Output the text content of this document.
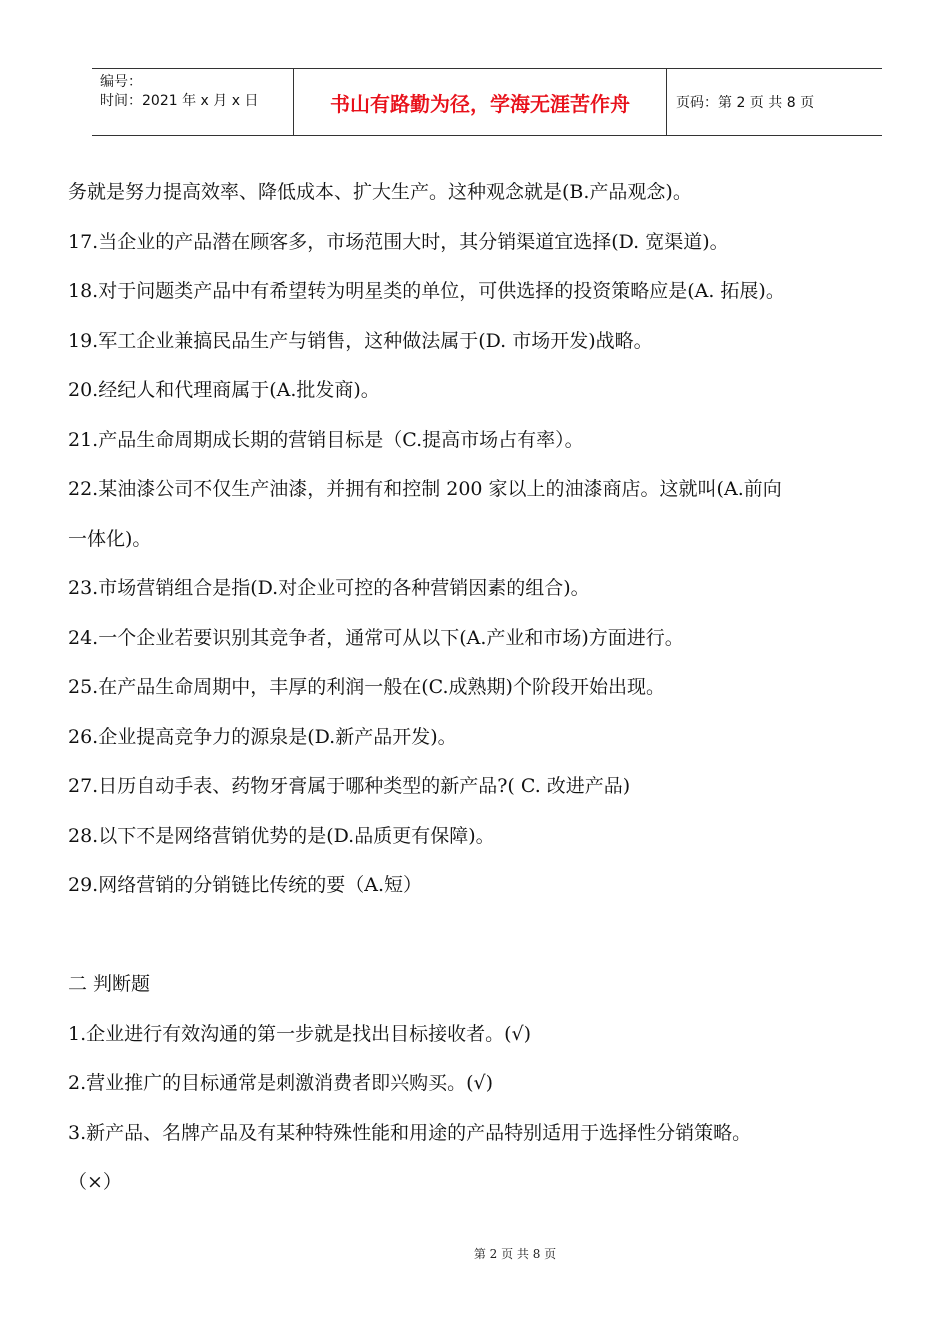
编号：
时间：2021 年 x 月 x 日	书山有路勤为径，学海无涯苦作舟	页码：第 2 页 共 8 页
务就是努力提高效率、降低成本、扩大生产。这种观念就是(B.产品观念)。
17.当企业的产品潜在顾客多，市场范围大时，其分销渠道宜选择(D. 宽渠道)。
18.对于问题类产品中有希望转为明星类的单位，可供选择的投资策略应是(A. 拓展)。
19.军工企业兼搞民品生产与销售，这种做法属于(D. 市场开发)战略。
20.经纪人和代理商属于(A.批发商)。
21.产品生命周期成长期的营销目标是（C.提高市场占有率）。
22.某油漆公司不仅生产油漆，并拥有和控制 200 家以上的油漆商店。这就叫(A.前向
一体化)。
23.市场营销组合是指(D.对企业可控的各种营销因素的组合)。
24.一个企业若要识别其竞争者，通常可从以下(A.产业和市场)方面进行。
25.在产品生命周期中，丰厚的利润一般在(C.成熟期)个阶段开始出现。
26.企业提高竞争力的源泉是(D.新产品开发)。
27.日历自动手表、药物牙膏属于哪种类型的新产品?( C. 改进产品)
28.以下不是网络营销优势的是(D.品质更有保障)。
29.网络营销的分销链比传统的要（A.短）
二 判断题
1.企业进行有效沟通的第一步就是找出目标接收者。(√)
2.营业推广的目标通常是刺激消费者即兴购买。(√)
3.新产品、名牌产品及有某种特殊性能和用途的产品特别适用于选择性分销策略。
（×）
第 2 页 共 8 页
